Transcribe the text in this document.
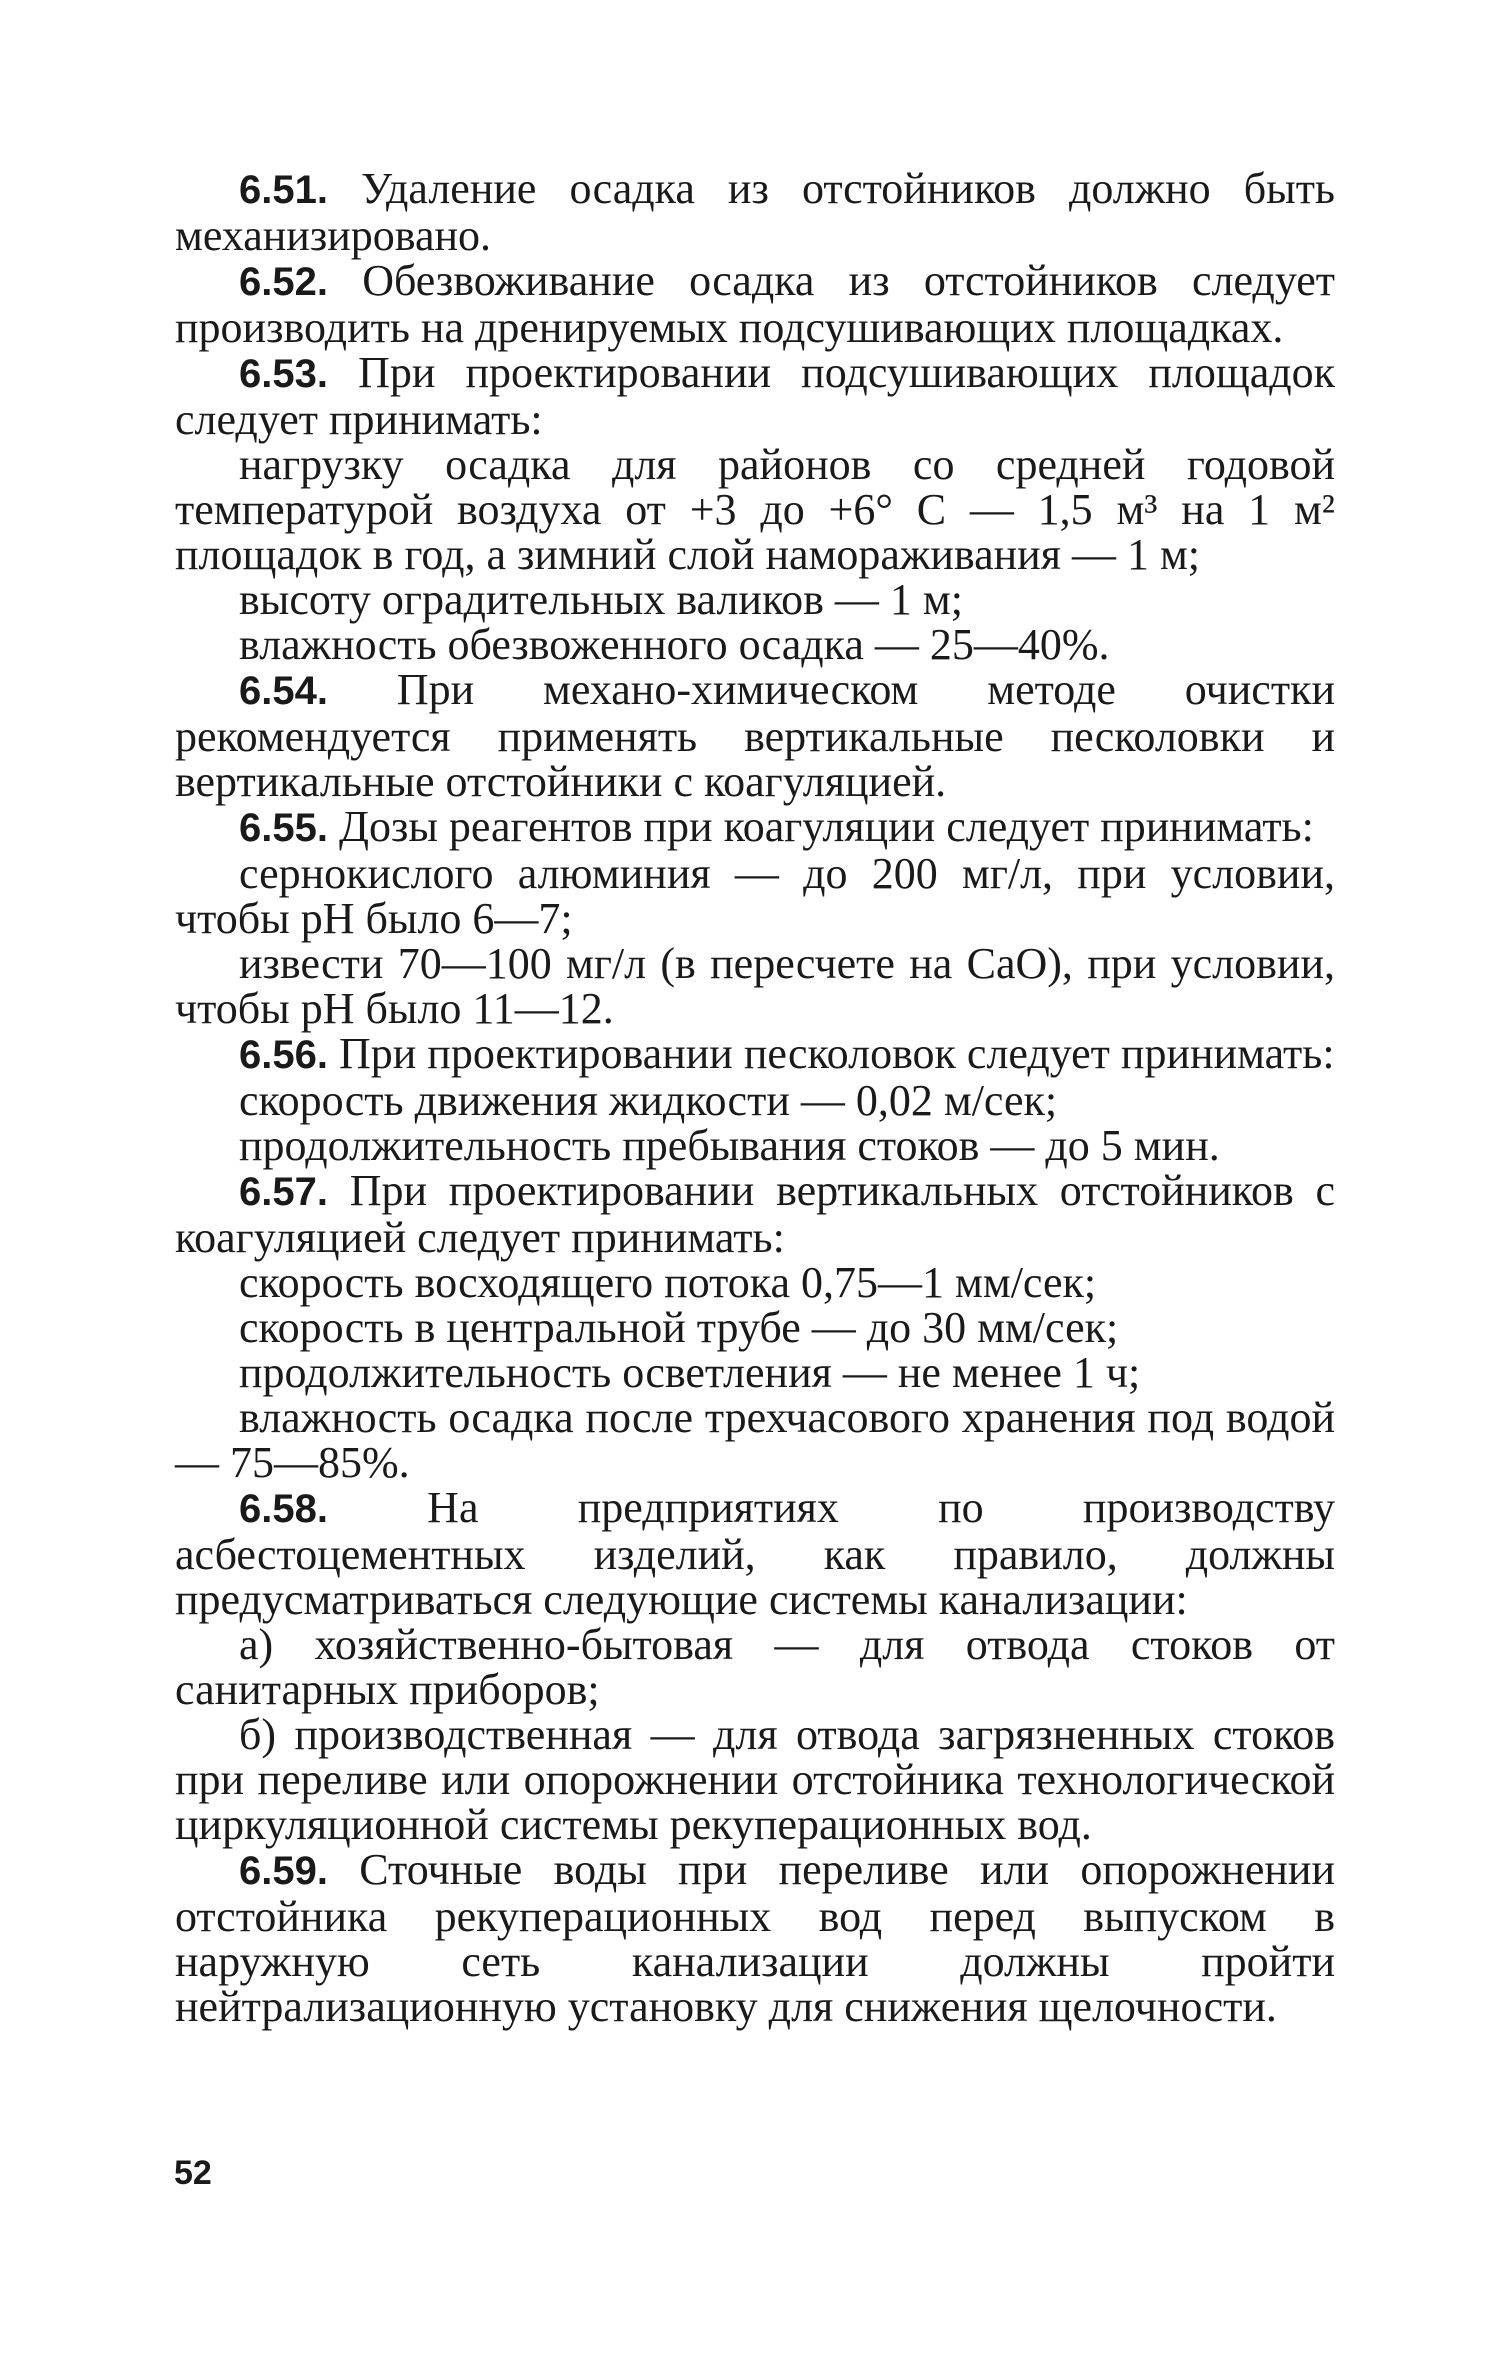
6.51. Удаление осадка из отстойников должно быть механизировано.

6.52. Обезвоживание осадка из отстойников следует производить на дренируемых подсушивающих площадках.

6.53. При проектировании подсушивающих площадок следует принимать:

нагрузку осадка для районов со средней годовой температурой воздуха от +3 до +6° C — 1,5 м³ на 1 м² площадок в год, а зимний слой намораживания — 1 м;

высоту оградительных валиков — 1 м;

влажность обезвоженного осадка — 25—40%.

6.54. При механо-химическом методе очистки рекомендуется применять вертикальные песколовки и вертикальные отстойники с коагуляцией.

6.55. Дозы реагентов при коагуляции следует принимать:

сернокислого алюминия — до 200 мг/л, при условии, чтобы pH было 6—7;

извести 70—100 мг/л (в пересчете на CaO), при условии, чтобы pH было 11—12.

6.56. При проектировании песколовок следует принимать:

скорость движения жидкости — 0,02 м/сек;

продолжительность пребывания стоков — до 5 мин.

6.57. При проектировании вертикальных отстойников с коагуляцией следует принимать:

скорость восходящего потока 0,75—1 мм/сек;

скорость в центральной трубе — до 30 мм/сек;

продолжительность осветления — не менее 1 ч;

влажность осадка после трехчасового хранения под водой — 75—85%.

6.58. На предприятиях по производству асбестоцементных изделий, как правило, должны предусматриваться следующие системы канализации:

а) хозяйственно-бытовая — для отвода стоков от санитарных приборов;

б) производственная — для отвода загрязненных стоков при переливе или опорожнении отстойника технологической циркуляционной системы рекуперационных вод.

6.59. Сточные воды при переливе или опорожнении отстойника рекуперационных вод перед выпуском в наружную сеть канализации должны пройти нейтрализационную установку для снижения щелочности.

52
